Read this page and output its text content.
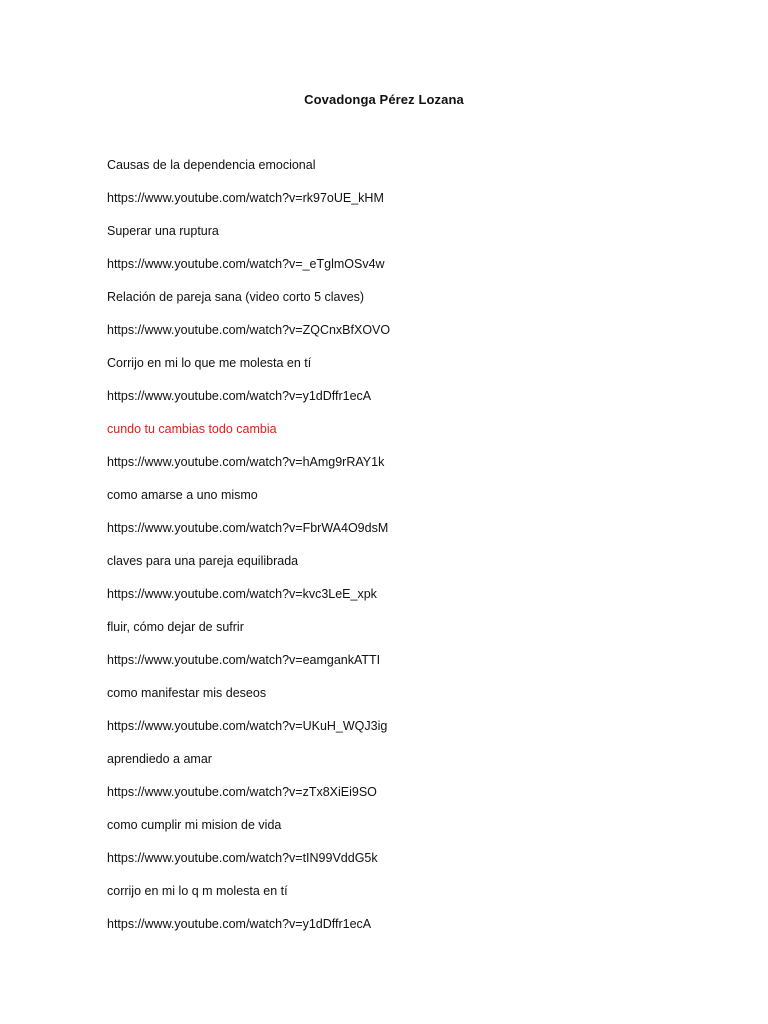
Covadonga Pérez Lozana
Causas de la dependencia emocional
https://www.youtube.com/watch?v=rk97oUE_kHM
Superar una ruptura
https://www.youtube.com/watch?v=_eTglmOSv4w
Relación de pareja sana (video corto 5 claves)
https://www.youtube.com/watch?v=ZQCnxBfXOVO
Corrijo en mi lo que me molesta en tí
https://www.youtube.com/watch?v=y1dDffr1ecA
cundo tu cambias todo cambia
https://www.youtube.com/watch?v=hAmg9rRAY1k
como amarse a uno mismo
https://www.youtube.com/watch?v=FbrWA4O9dsM
claves para una pareja equilibrada
https://www.youtube.com/watch?v=kvc3LeE_xpk
fluir, cómo dejar de sufrir
https://www.youtube.com/watch?v=eamgankATTI
como manifestar mis deseos
https://www.youtube.com/watch?v=UKuH_WQJ3ig
aprendiedo a amar
https://www.youtube.com/watch?v=zTx8XiEi9SO
como cumplir mi mision de vida
https://www.youtube.com/watch?v=tIN99VddG5k
corrijo en mi lo q m molesta en tí
https://www.youtube.com/watch?v=y1dDffr1ecA
